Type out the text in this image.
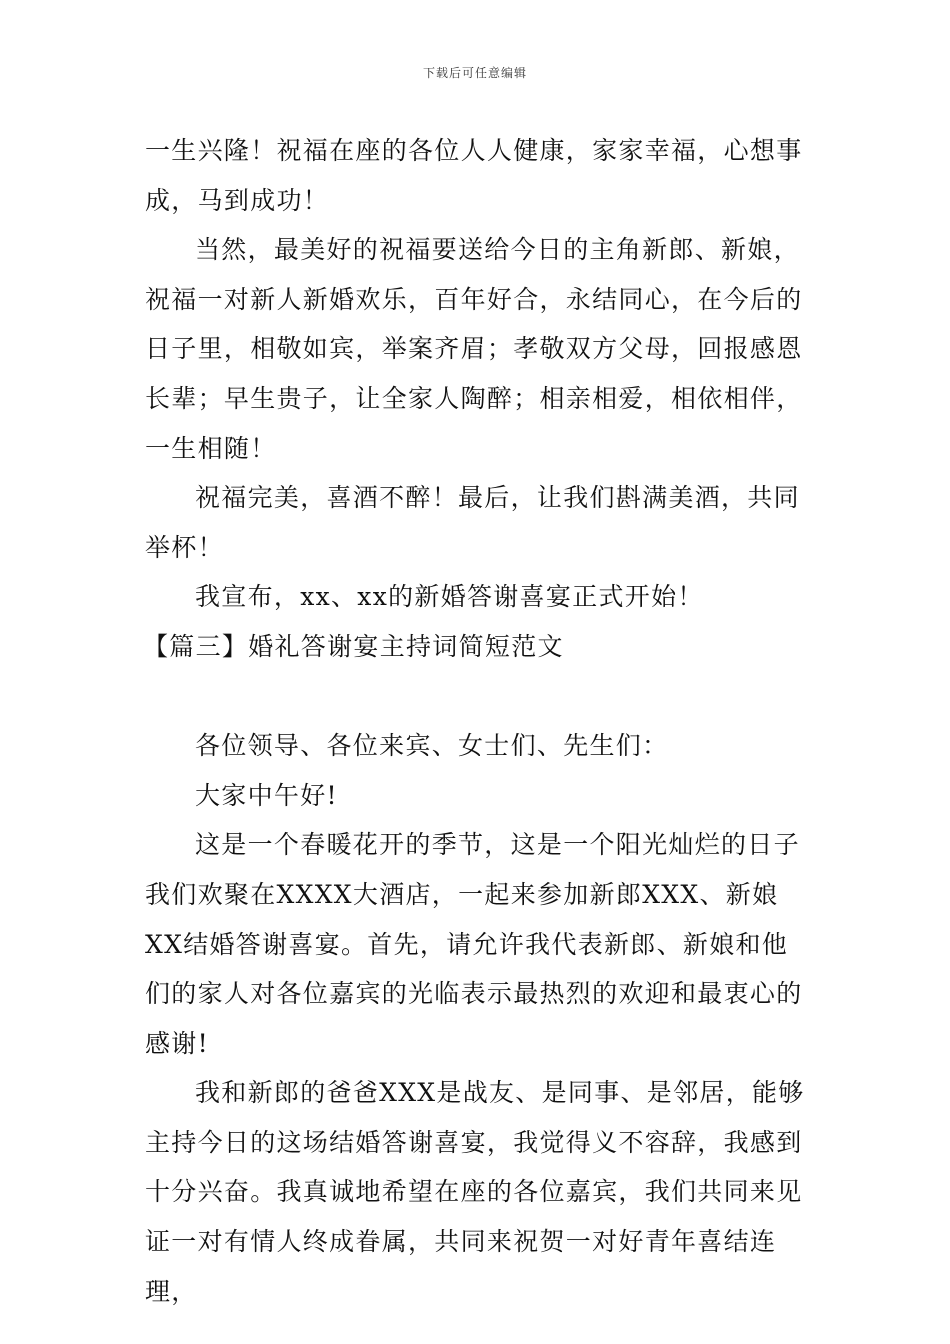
下载后可任意编辑

一生兴隆！祝福在座的各位人人健康，家家幸福，心想事成，马到成功！

当然，最美好的祝福要送给今日的主角新郎、新娘，祝福一对新人新婚欢乐，百年好合，永结同心，在今后的日子里，相敬如宾，举案齐眉；孝敬双方父母，回报感恩长辈；早生贵子，让全家人陶醉；相亲相爱，相依相伴，一生相随！

祝福完美，喜酒不醉！最后，让我们斟满美酒，共同举杯！

我宣布，xx、xx的新婚答谢喜宴正式开始！

【篇三】婚礼答谢宴主持词简短范文

各位领导、各位来宾、女士们、先生们：

大家中午好!

这是一个春暖花开的季节，这是一个阳光灿烂的日子我们欢聚在XXXX大酒店，一起来参加新郎XXX、新娘XX结婚答谢喜宴。首先，请允许我代表新郎、新娘和他们的家人对各位嘉宾的光临表示最热烈的欢迎和最衷心的感谢!

我和新郎的爸爸XXX是战友、是同事、是邻居，能够主持今日的这场结婚答谢喜宴，我觉得义不容辞，我感到十分兴奋。我真诚地希望在座的各位嘉宾，我们共同来见证一对有情人终成眷属，共同来祝贺一对好青年喜结连理，
